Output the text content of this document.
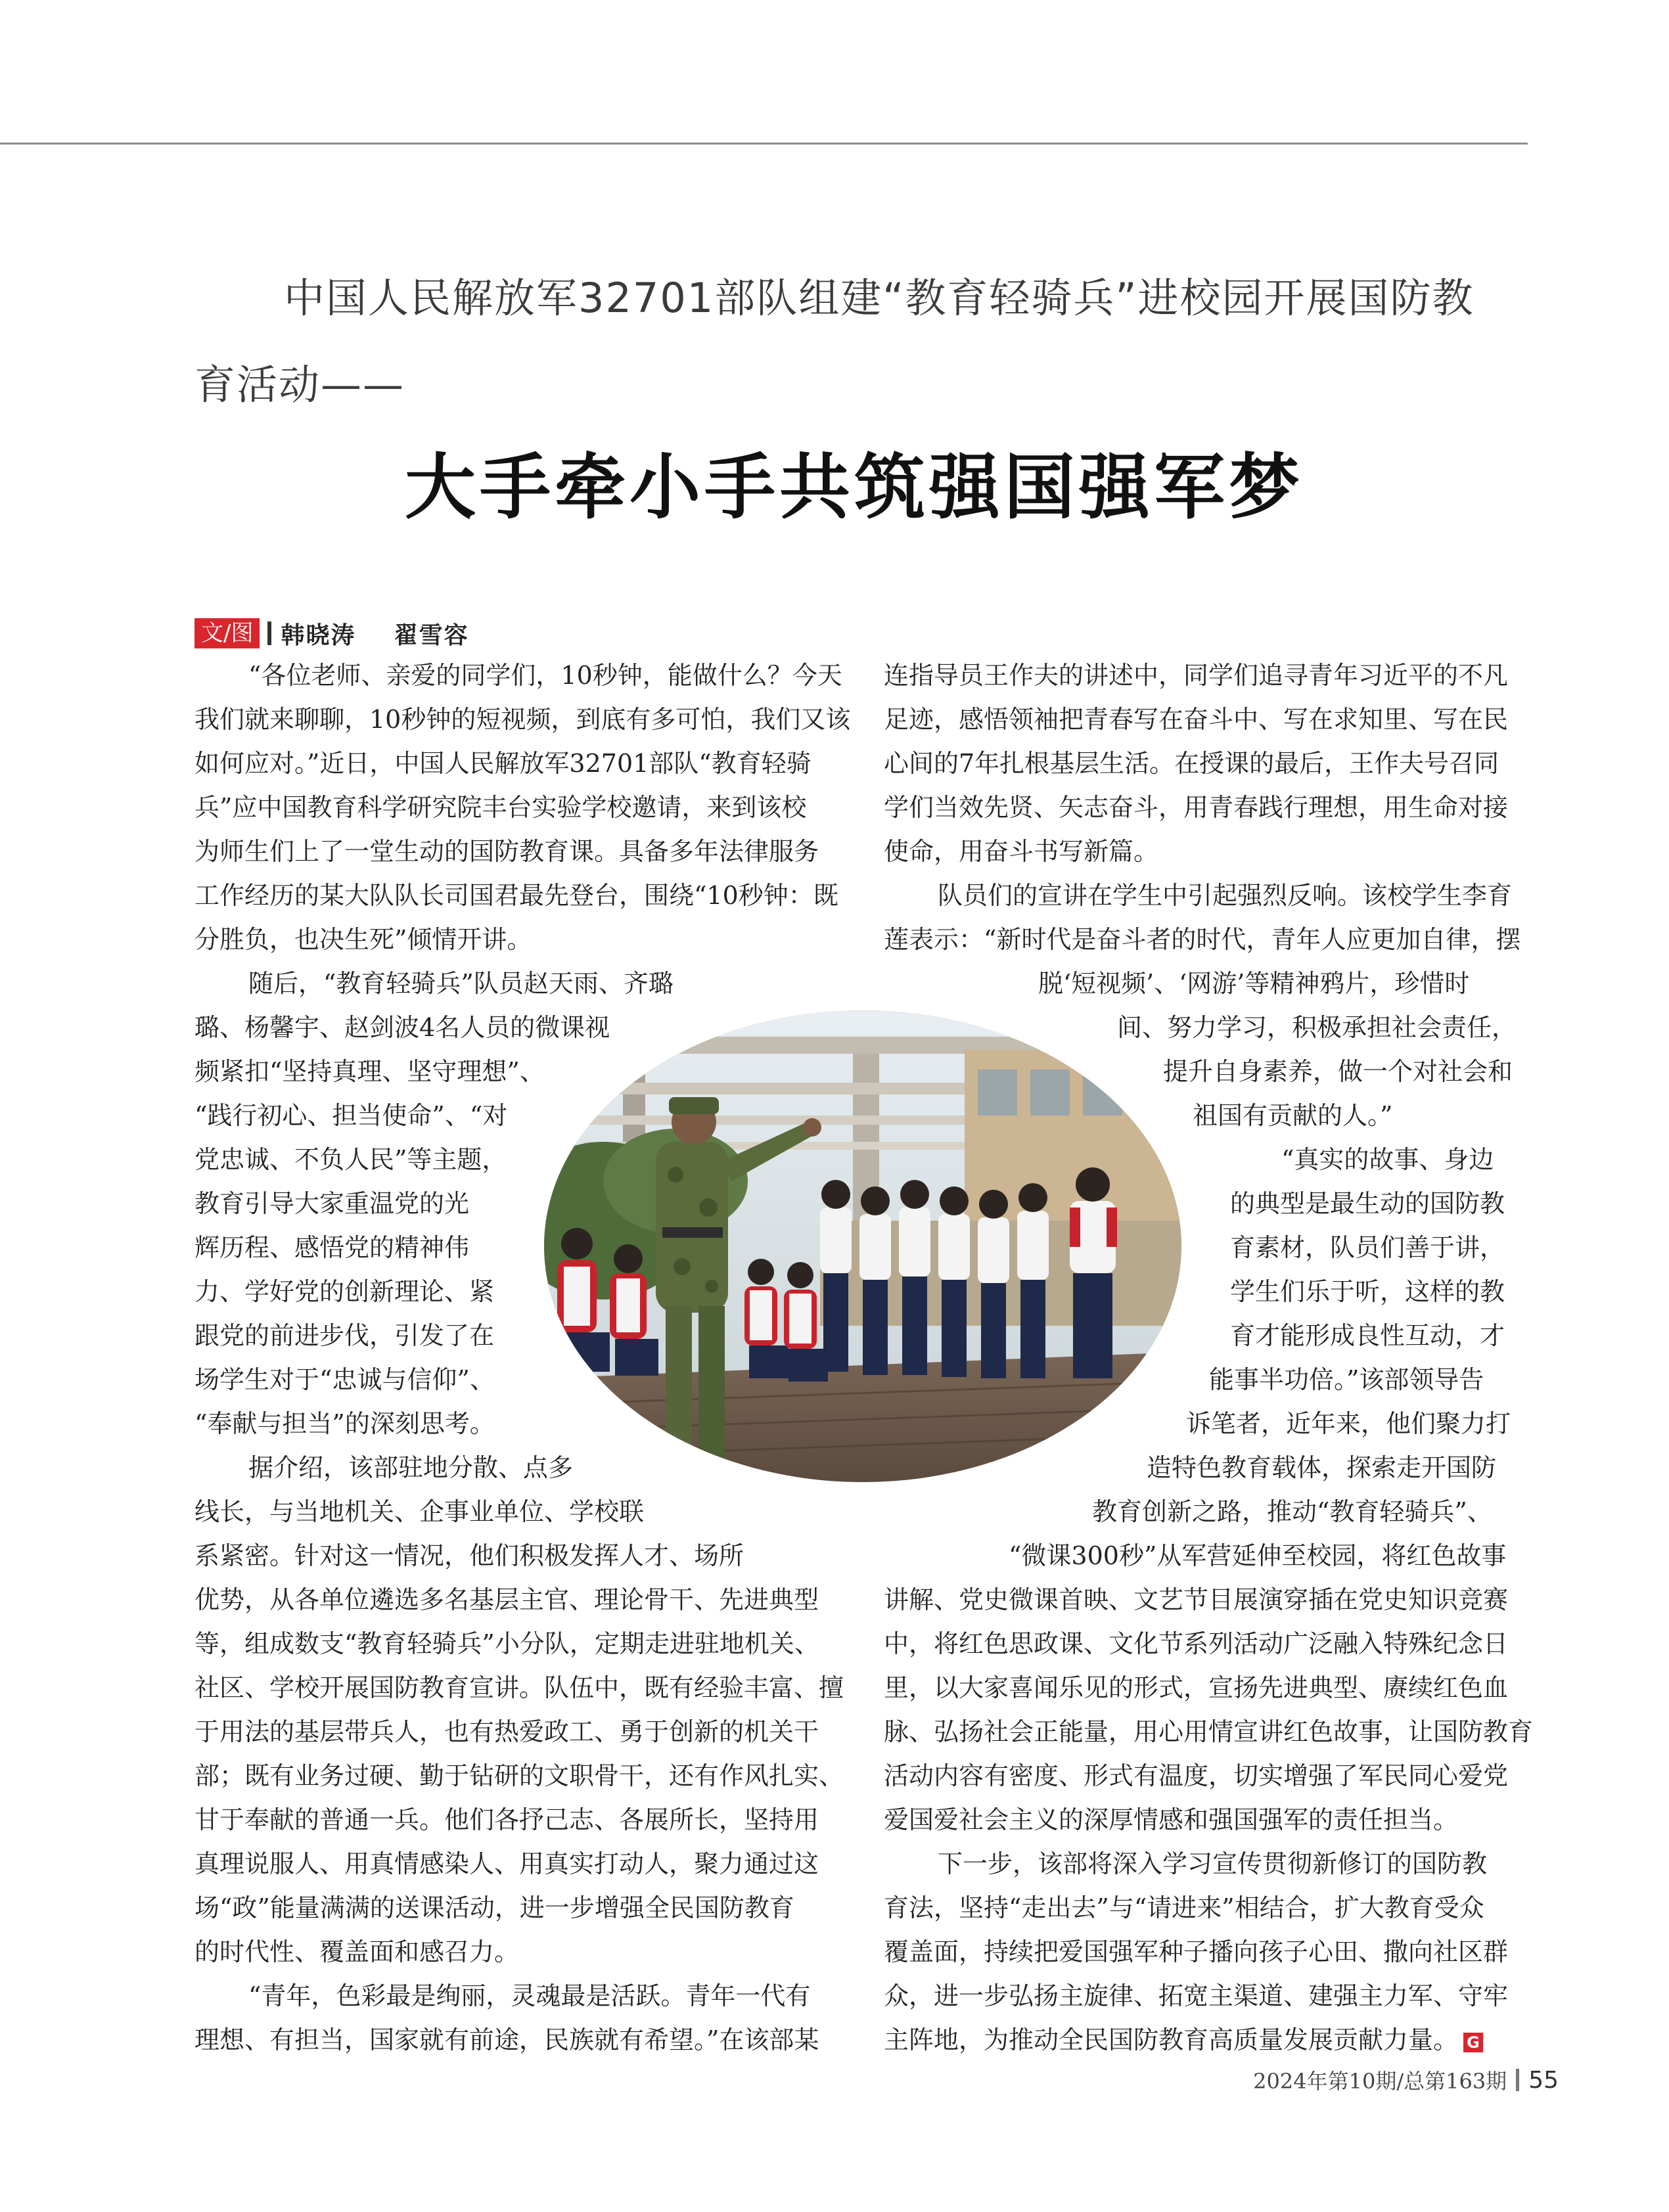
中国人民解放军32701部队组建“教育轻骑兵”进校园开展国防教育活动——
大手牵小手共筑强国强军梦
文/图 韩晓涛    翟雪容
“各位老师、亲爱的同学们，10秒钟，能做什么？今天
我们就来聊聊，10秒钟的短视频，到底有多可怕，我们又该
如何应对。”近日，中国人民解放军32701部队“教育轻骑
兵”应中国教育科学研究院丰台实验学校邀请，来到该校
为师生们上了一堂生动的国防教育课。具备多年法律服务
工作经历的某大队队长司国君最先登台，围绕“10秒钟：既
分胜负，也决生死”倾情开讲。
随后，“教育轻骑兵”队员赵天雨、齐璐
璐、杨馨宇、赵剑波4名人员的微课视
频紧扣“坚持真理、坚守理想”、
“践行初心、担当使命”、“对
党忠诚、不负人民”等主题，
教育引导大家重温党的光
辉历程、感悟党的精神伟
力、学好党的创新理论、紧
跟党的前进步伐，引发了在
场学生对于“忠诚与信仰”、
“奉献与担当”的深刻思考。
据介绍，该部驻地分散、点多
线长，与当地机关、企事业单位、学校联
系紧密。针对这一情况，他们积极发挥人才、场所
优势，从各单位遴选多名基层主官、理论骨干、先进典型
等，组成数支“教育轻骑兵”小分队，定期走进驻地机关、
社区、学校开展国防教育宣讲。队伍中，既有经验丰富、擅
于用法的基层带兵人，也有热爱政工、勇于创新的机关干
部；既有业务过硬、勤于钻研的文职骨干，还有作风扎实、
甘于奉献的普通一兵。他们各抒己志、各展所长，坚持用
真理说服人、用真情感染人、用真实打动人，聚力通过这
场“政”能量满满的送课活动，进一步增强全民国防教育
的时代性、覆盖面和感召力。
“青年，色彩最是绚丽，灵魂最是活跃。青年一代有
理想、有担当，国家就有前途，民族就有希望。”在该部某
连指导员王作夫的讲述中，同学们追寻青年习近平的不凡
足迹，感悟领袖把青春写在奋斗中、写在求知里、写在民
心间的7年扎根基层生活。在授课的最后，王作夫号召同
学们当效先贤、矢志奋斗，用青春践行理想，用生命对接
使命，用奋斗书写新篇。
队员们的宣讲在学生中引起强烈反响。该校学生李育
莲表示：“新时代是奋斗者的时代，青年人应更加自律，摆
脱‘短视频’、‘网游’等精神鸦片，珍惜时
间、努力学习，积极承担社会责任，
提升自身素养，做一个对社会和
祖国有贡献的人。”
“真实的故事、身边
的典型是最生动的国防教
育素材，队员们善于讲，
学生们乐于听，这样的教
育才能形成良性互动，才
能事半功倍。”该部领导告
诉笔者，近年来，他们聚力打
造特色教育载体，探索走开国防
教育创新之路，推动“教育轻骑兵”、
“微课300秒”从军营延伸至校园，将红色故事
讲解、党史微课首映、文艺节目展演穿插在党史知识竞赛
中，将红色思政课、文化节系列活动广泛融入特殊纪念日
里，以大家喜闻乐见的形式，宣扬先进典型、赓续红色血
脉、弘扬社会正能量，用心用情宣讲红色故事，让国防教育
活动内容有密度、形式有温度，切实增强了军民同心爱党
爱国爱社会主义的深厚情感和强国强军的责任担当。
下一步，该部将深入学习宣传贯彻新修订的国防教
育法，坚持“走出去”与“请进来”相结合，扩大教育受众
覆盖面，持续把爱国强军种子播向孩子心田、撒向社区群
众，进一步弘扬主旋律、拓宽主渠道、建强主力军、守牢
主阵地，为推动全民国防教育高质量发展贡献力量。 G
2024年第10期/总第163期 55
